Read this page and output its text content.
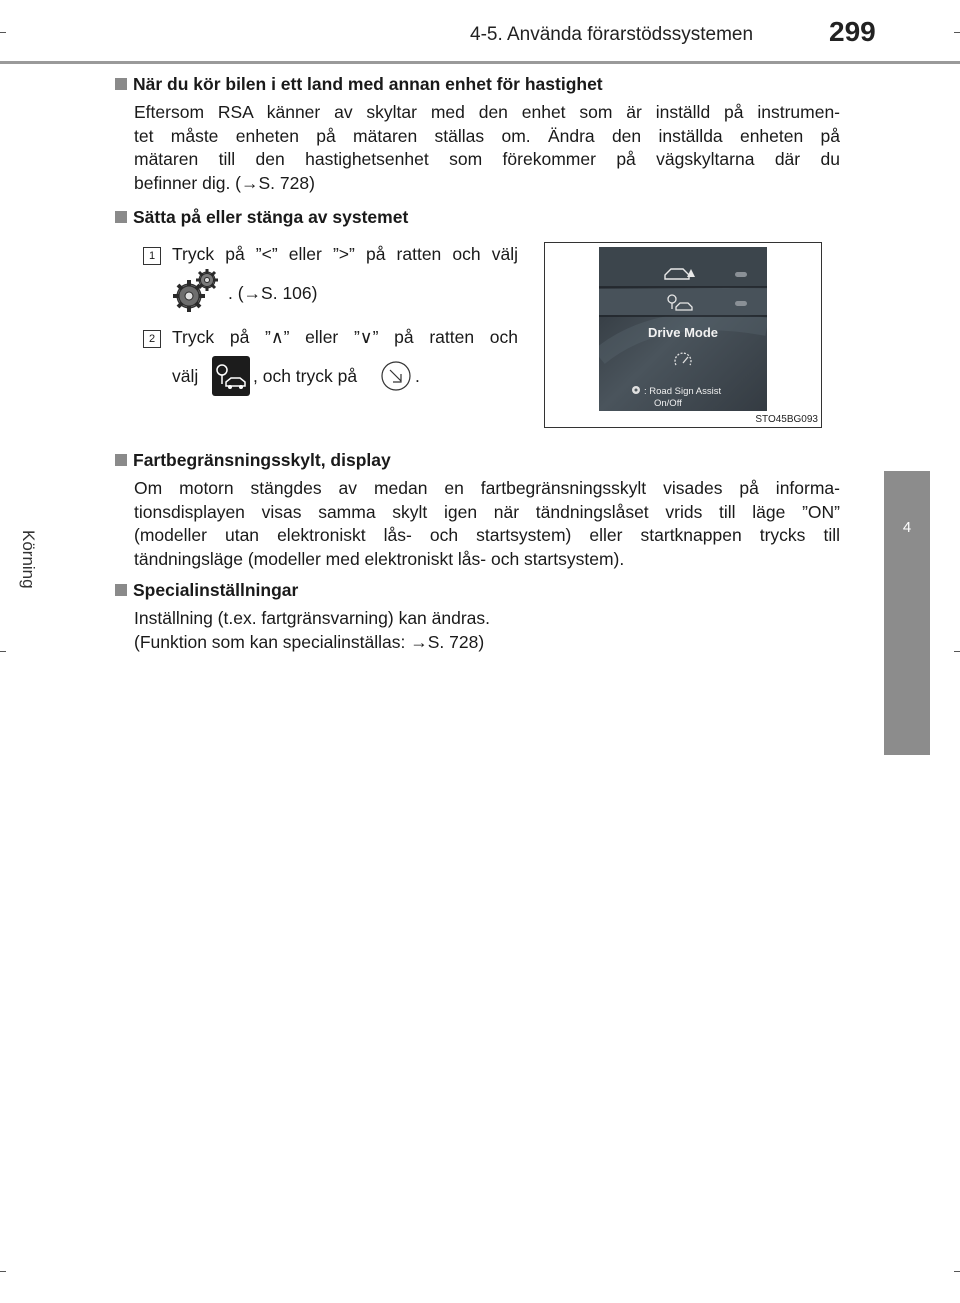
4-5. Använda förarstödssystemen	299
4
Körning
När du kör bilen i ett land med annan enhet för hastighet
Eftersom RSA känner av skyltar med den enhet som är inställd på instrumen-
tet måste enheten på mätaren ställas om. Ändra den inställda enheten på
mätaren till den hastighetsenhet som förekommer på vägskyltarna där du
befinner dig. (→S. 728)
Sätta på eller stänga av systemet
1 Tryck på ”<” eller ”>” på ratten och välj
. (→S. 106)
2 Tryck på ”∧” eller ”∨” på ratten och
välj	, och tryck på	.
Drive Mode
: Road Sign Assist
On/Off
STO45BG093
Fartbegränsningsskylt, display
Om motorn stängdes av medan en fartbegränsningsskylt visades på informa-
tionsdisplayen visas samma skylt igen när tändningslåset vrids till läge ”ON”
(modeller utan elektroniskt lås- och startsystem) eller startknappen trycks till
tändningsläge (modeller med elektroniskt lås- och startsystem).
Specialinställningar
Inställning (t.ex. fartgränsvarning) kan ändras.
(Funktion som kan specialinställas: →S. 728)
